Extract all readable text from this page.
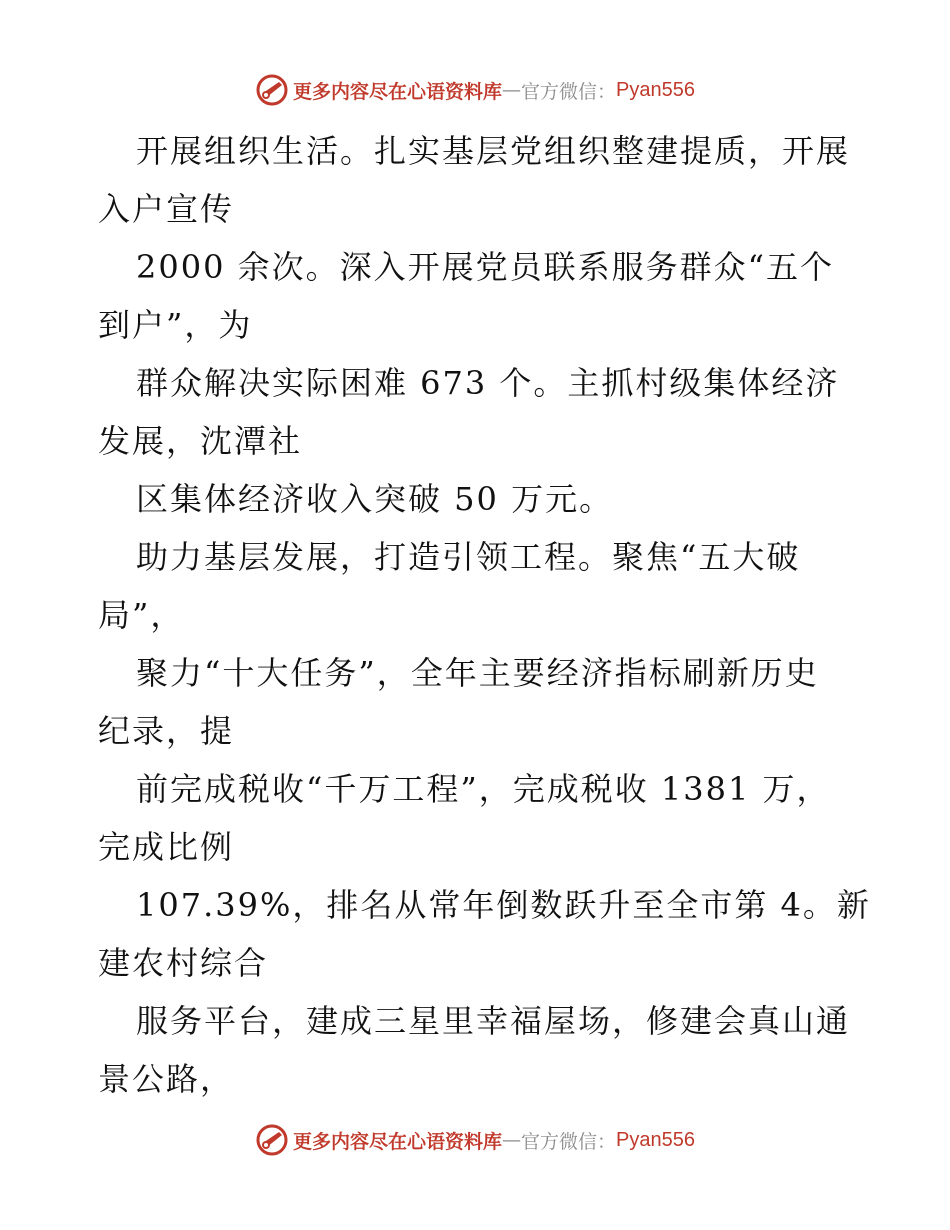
更多内容尽在心语资料库 — 官方微信： Pyan556
开展组织生活。扎实基层党组织整建提质，开展
入户宣传
2000 余次。深入开展党员联系服务群众“五个
到户”，为
群众解决实际困难 673 个。主抓村级集体经济
发展，沈潭社
区集体经济收入突破 50 万元。
助力基层发展，打造引领工程。聚焦“五大破
局”，
聚力“十大任务”，全年主要经济指标刷新历史
纪录，提
前完成税收“千万工程”，完成税收 1381 万，
完成比例
107.39%，排名从常年倒数跃升至全市第 4。新
建农村综合
服务平台，建成三星里幸福屋场，修建会真山通
景公路，
更多内容尽在心语资料库 — 官方微信： Pyan556
